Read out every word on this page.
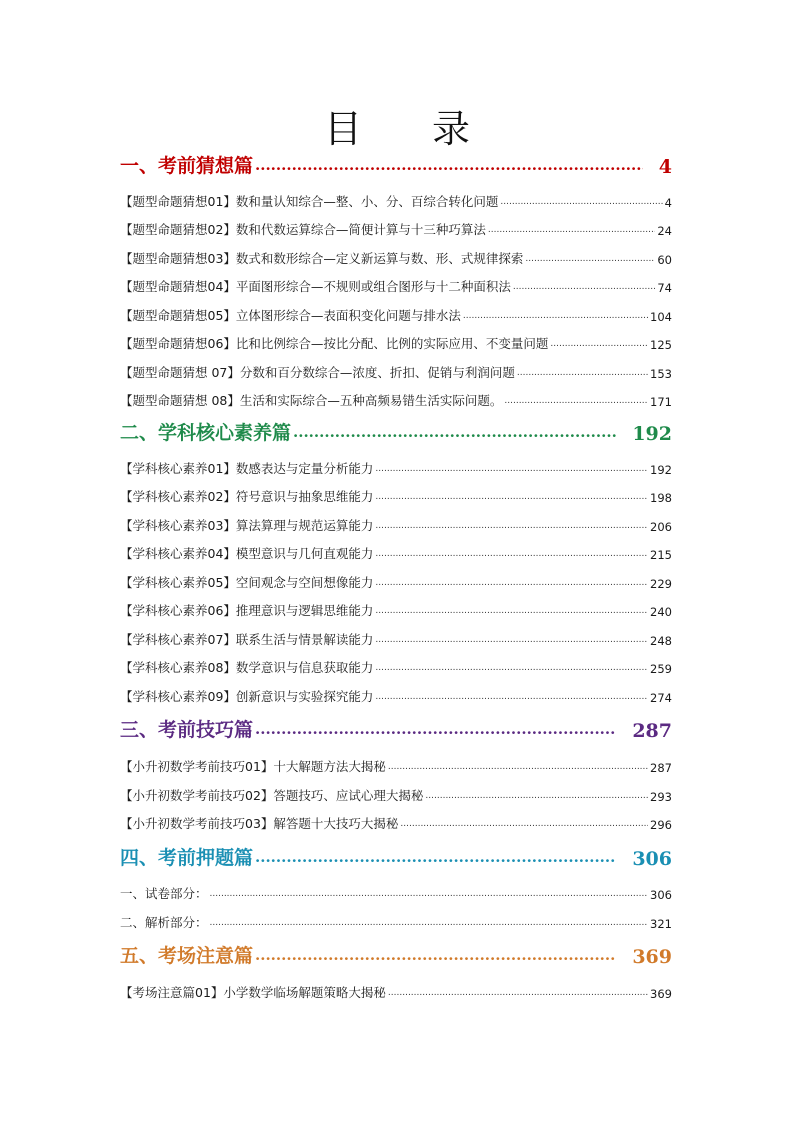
目 录
一、考前猜想篇 .....	4
【题型命题猜想01】数和量认知综合—整、小、分、百综合转化问题 .....	4
【题型命题猜想02】数和代数运算综合—简便计算与十三种巧算法 .....	24
【题型命题猜想03】数式和数形综合—定义新运算与数、形、式规律探索 .....	60
【题型命题猜想04】平面图形综合—不规则或组合图形与十二种面积法 .....	74
【题型命题猜想05】立体图形综合—表面积变化问题与排水法 .....	104
【题型命题猜想06】比和比例综合—按比分配、比例的实际应用、不变量问题 .....	125
【题型命题猜想 07】分数和百分数综合—浓度、折扣、促销与利润问题 .....	153
【题型命题猜想 08】生活和实际综合—五种高频易错生活实际问题。 .....	171
二、学科核心素养篇 .....	192
【学科核心素养01】数感表达与定量分析能力 .....	192
【学科核心素养02】符号意识与抽象思维能力 .....	198
【学科核心素养03】算法算理与规范运算能力 .....	206
【学科核心素养04】模型意识与几何直观能力 .....	215
【学科核心素养05】空间观念与空间想像能力 .....	229
【学科核心素养06】推理意识与逻辑思维能力 .....	240
【学科核心素养07】联系生活与情景解读能力 .....	248
【学科核心素养08】数学意识与信息获取能力 .....	259
【学科核心素养09】创新意识与实验探究能力 .....	274
三、考前技巧篇 .....	287
【小升初数学考前技巧01】十大解题方法大揭秘 .....	287
【小升初数学考前技巧02】答题技巧、应试心理大揭秘 .....	293
【小升初数学考前技巧03】解答题十大技巧大揭秘 .....	296
四、考前押题篇 .....	306
一、试卷部分： .....	306
二、解析部分： .....	321
五、考场注意篇 .....	369
【考场注意篇01】小学数学临场解题策略大揭秘 .....	369
